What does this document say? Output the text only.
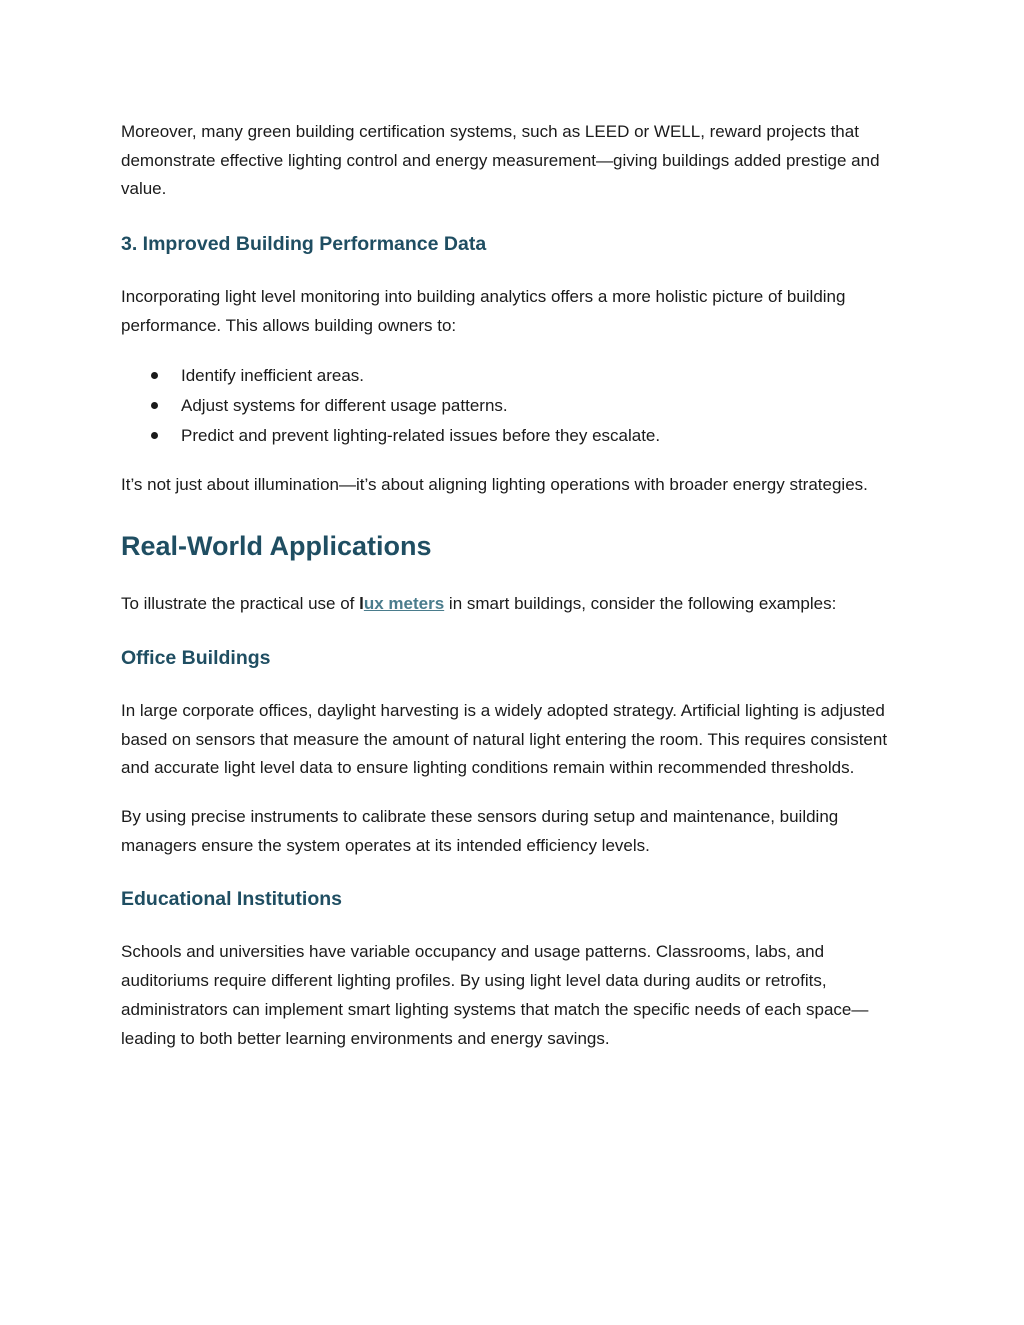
Moreover, many green building certification systems, such as LEED or WELL, reward projects that demonstrate effective lighting control and energy measurement—giving buildings added prestige and value.

3. Improved Building Performance Data

Incorporating light level monitoring into building analytics offers a more holistic picture of building performance. This allows building owners to:

Identify inefficient areas.
Adjust systems for different usage patterns.
Predict and prevent lighting-related issues before they escalate.

It’s not just about illumination—it’s about aligning lighting operations with broader energy strategies.

Real-World Applications

To illustrate the practical use of lux meters in smart buildings, consider the following examples:

Office Buildings

In large corporate offices, daylight harvesting is a widely adopted strategy. Artificial lighting is adjusted based on sensors that measure the amount of natural light entering the room. This requires consistent and accurate light level data to ensure lighting conditions remain within recommended thresholds.

By using precise instruments to calibrate these sensors during setup and maintenance, building managers ensure the system operates at its intended efficiency levels.

Educational Institutions

Schools and universities have variable occupancy and usage patterns. Classrooms, labs, and auditoriums require different lighting profiles. By using light level data during audits or retrofits, administrators can implement smart lighting systems that match the specific needs of each space—leading to both better learning environments and energy savings.
